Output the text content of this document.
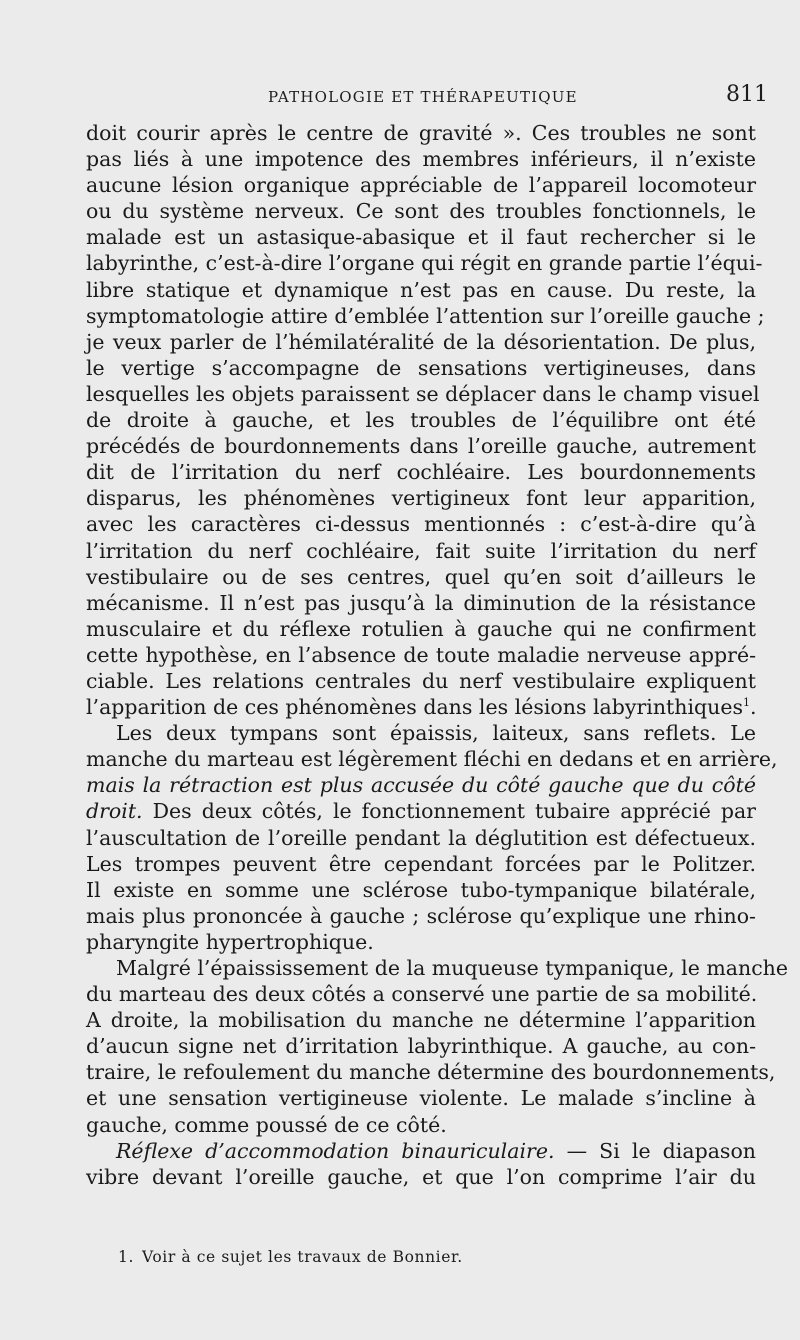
PATHOLOGIE ET THÉRAPEUTIQUE	811
doit courir après le centre de gravité ». Ces troubles ne sont
pas liés à une impotence des membres inférieurs, il n’existe
aucune lésion organique appréciable de l’appareil locomoteur
ou du système nerveux. Ce sont des troubles fonctionnels, le
malade est un astasique-abasique et il faut rechercher si le
labyrinthe, c’est-à-dire l’organe qui régit en grande partie l’équi-
libre statique et dynamique n’est pas en cause. Du reste, la
symptomatologie attire d’emblée l’attention sur l’oreille gauche ;
je veux parler de l’hémilatéralité de la désorientation. De plus,
le vertige s’accompagne de sensations vertigineuses, dans
lesquelles les objets paraissent se déplacer dans le champ visuel
de droite à gauche, et les troubles de l’équilibre ont été
précédés de bourdonnements dans l’oreille gauche, autrement
dit de l’irritation du nerf cochléaire. Les bourdonnements
disparus, les phénomènes vertigineux font leur apparition,
avec les caractères ci-dessus mentionnés : c’est-à-dire qu’à
l’irritation du nerf cochléaire, fait suite l’irritation du nerf
vestibulaire ou de ses centres, quel qu’en soit d’ailleurs le
mécanisme. Il n’est pas jusqu’à la diminution de la résistance
musculaire et du réflexe rotulien à gauche qui ne confirment
cette hypothèse, en l’absence de toute maladie nerveuse appré-
ciable. Les relations centrales du nerf vestibulaire expliquent
l’apparition de ces phénomènes dans les lésions labyrinthiques$^1$.
Les deux tympans sont épaissis, laiteux, sans reflets. Le
manche du marteau est légèrement fléchi en dedans et en arrière,
mais la rétraction est plus accusée du côté gauche que du côté
droit. Des deux côtés, le fonctionnement tubaire apprécié par
l’auscultation de l’oreille pendant la déglutition est défectueux.
Les trompes peuvent être cependant forcées par le Politzer.
Il existe en somme une sclérose tubo-tympanique bilatérale,
mais plus prononcée à gauche ; sclérose qu’explique une rhino-
pharyngite hypertrophique.
Malgré l’épaississement de la muqueuse tympanique, le manche
du marteau des deux côtés a conservé une partie de sa mobilité.
A droite, la mobilisation du manche ne détermine l’apparition
d’aucun signe net d’irritation labyrinthique. A gauche, au con-
traire, le refoulement du manche détermine des bourdonnements,
et une sensation vertigineuse violente. Le malade s’incline à
gauche, comme poussé de ce côté.
Réflexe d’accommodation binauriculaire. — Si le diapason
vibre devant l’oreille gauche, et que l’on comprime l’air du
1. Voir à ce sujet les travaux de Bonnier.
